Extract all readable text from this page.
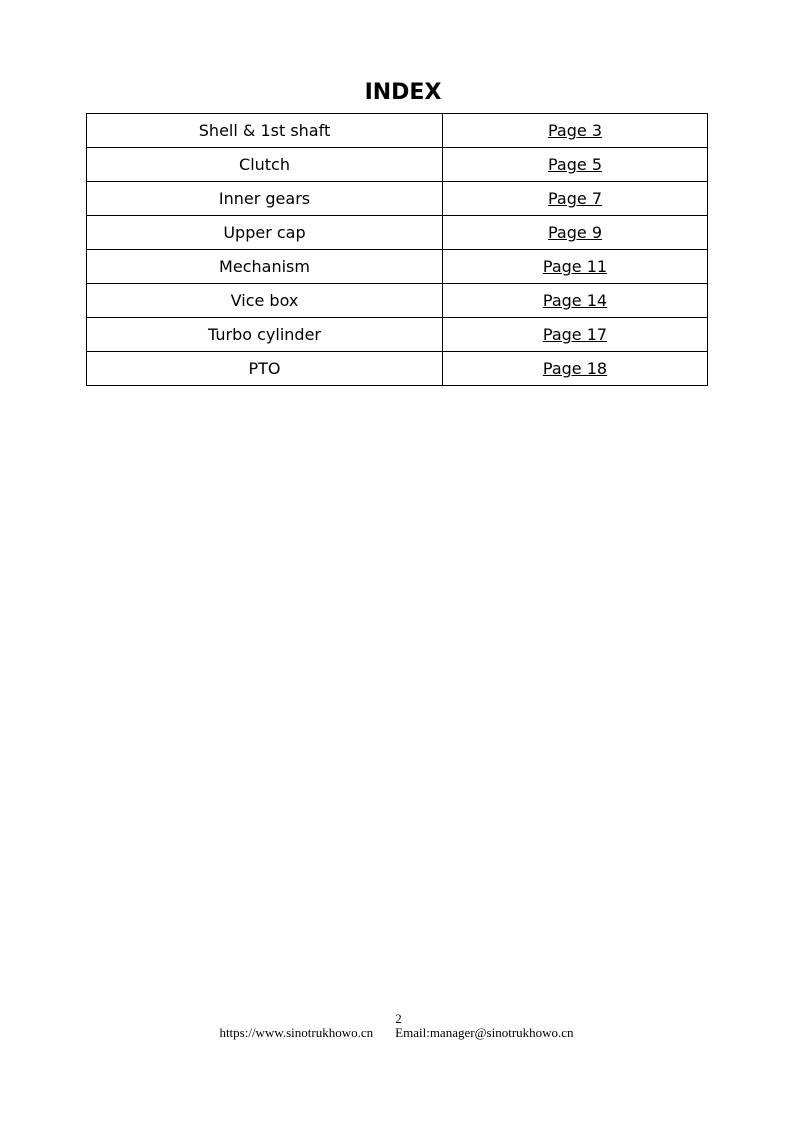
INDEX
Shell & 1st shaft	Page 3
Clutch	Page 5
Inner gears	Page 7
Upper cap	Page 9
Mechanism	Page 11
Vice box	Page 14
Turbo cylinder	Page 17
PTO	Page 18
2
https://www.sinotrukhowo.cn Email:manager@sinotrukhowo.cn
